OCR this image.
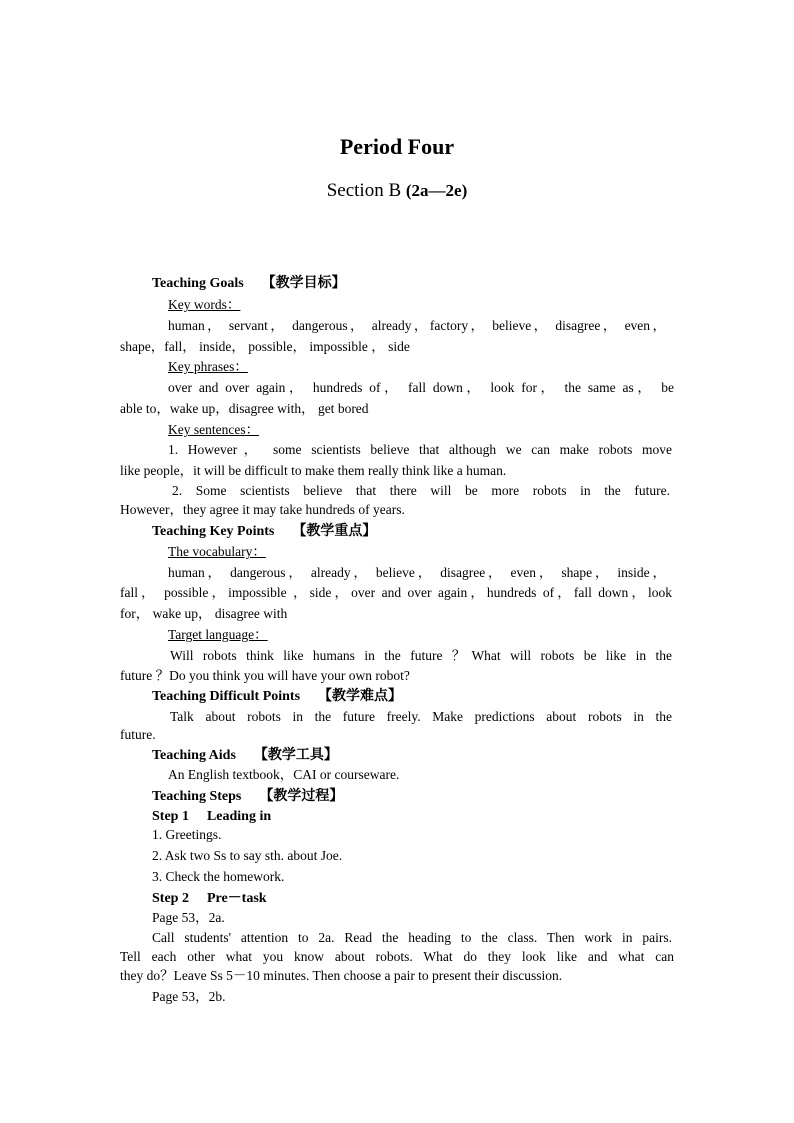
Period Four
Section B (2a—2e)
Teaching Goals 【教学目标】
Key words：
human， servant， dangerous， already，factory， believe， disagree， even，
shape，fall， inside， possible， impossible ， side
Key phrases：
over and over again， hundreds of， fall down， look for， the same as， be
able to，wake up，disagree with， get bored
Key sentences：
1. However， some scientists believe that although we can make robots move
like people，it will be difficult to make them really think like a human.
2. Some scientists believe that there will be more robots in the future.
However，they agree it may take hundreds of years.
Teaching Key Points 【教学重点】
The vocabulary：
human， dangerous， already， believe， disagree， even， shape， inside，
fall， possible，impossible ，side，over and over again，hundreds of，fall down，look
for， wake up， disagree with
Target language：
Will robots think like humans in the future ？What will robots be like in the
future ？Do you think you will have your own robot?
Teaching Difficult Points 【教学难点】
Talk about robots in the future freely. Make predictions about robots in the
future.
Teaching Aids 【教学工具】
An English textbook，CAI or courseware.
Teaching Steps 【教学过程】
Step 1 Leading in
1. Greetings.
2. Ask two Ss to say sth. about Joe.
3. Check the homework.
Step 2 Pre－task
Page 53，2a.
Call students' attention to 2a. Read the heading to the class. Then work in pairs.
Tell each other what you know about robots. What do they look like and what can
they do？Leave Ss 5－10 minutes. Then choose a pair to present their discussion.
Page 53，2b.
